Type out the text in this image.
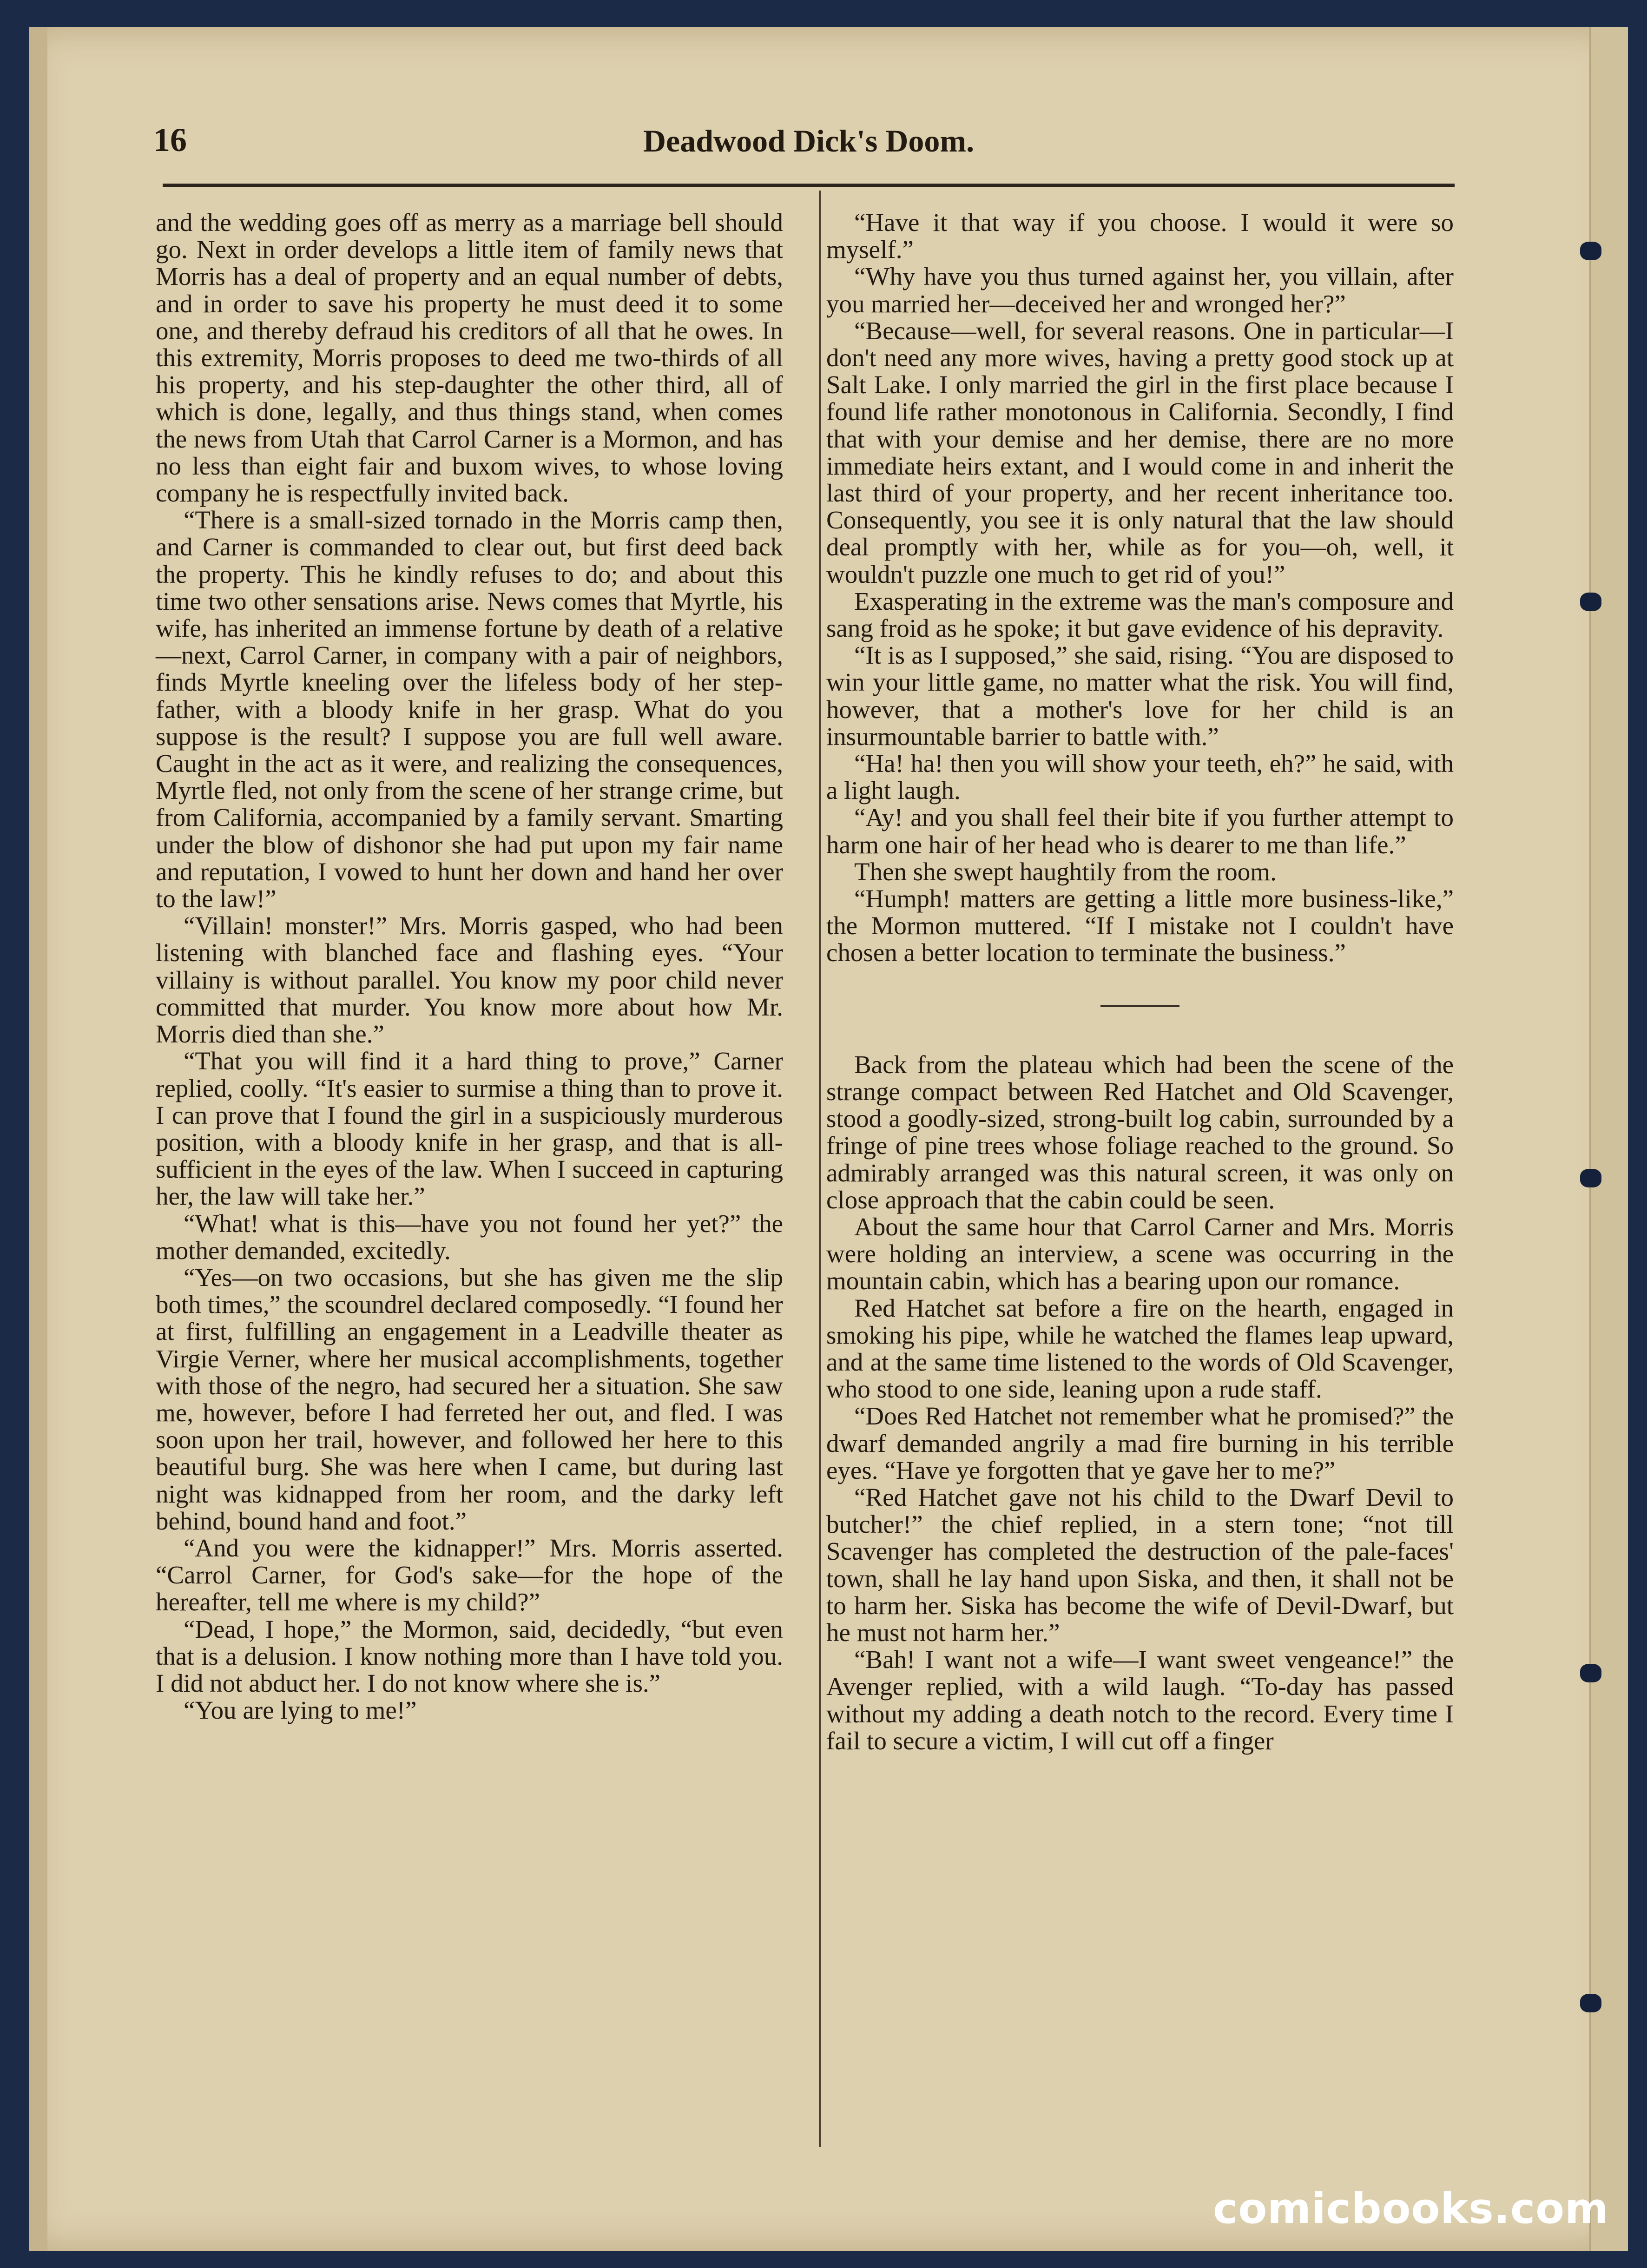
16	Deadwood Dick's Doom.

and the wedding goes off as merry as a marriage bell should go. Next in order develops a little item of family news that Morris has a deal of property and an equal number of debts, and in order to save his property he must deed it to some one, and thereby defraud his creditors of all that he owes. In this extremity, Morris proposes to deed me two-thirds of all his property, and his step-daughter the other third, all of which is done, legally, and thus things stand, when comes the news from Utah that Carrol Carner is a Mormon, and has no less than eight fair and buxom wives, to whose loving company he is respectfully invited back.

“There is a small-sized tornado in the Morris camp then, and Carner is commanded to clear out, but first deed back the property. This he kindly refuses to do; and about this time two other sensations arise. News comes that Myrtle, his wife, has inherited an immense fortune by death of a relative—next, Carrol Carner, in company with a pair of neighbors, finds Myrtle kneeling over the lifeless body of her step-father, with a bloody knife in her grasp. What do you suppose is the result? I suppose you are full well aware. Caught in the act as it were, and realizing the consequences, Myrtle fled, not only from the scene of her strange crime, but from California, accompanied by a family servant. Smarting under the blow of dishonor she had put upon my fair name and reputation, I vowed to hunt her down and hand her over to the law!”

“Villain! monster!” Mrs. Morris gasped, who had been listening with blanched face and flashing eyes. “Your villainy is without parallel. You know my poor child never committed that murder. You know more about how Mr. Morris died than she.”

“That you will find it a hard thing to prove,” Carner replied, coolly. “It's easier to surmise a thing than to prove it. I can prove that I found the girl in a suspiciously murderous position, with a bloody knife in her grasp, and that is all-sufficient in the eyes of the law. When I succeed in capturing her, the law will take her.”

“What! what is this—have you not found her yet?” the mother demanded, excitedly.

“Yes—on two occasions, but she has given me the slip both times,” the scoundrel declared composedly. “I found her at first, fulfilling an engagement in a Leadville theater as Virgie Verner, where her musical accomplishments, together with those of the negro, had secured her a situation. She saw me, however, before I had ferreted her out, and fled. I was soon upon her trail, however, and followed her here to this beautiful burg. She was here when I came, but during last night was kidnapped from her room, and the darky left behind, bound hand and foot.”

“And you were the kidnapper!” Mrs. Morris asserted. “Carrol Carner, for God's sake—for the hope of the hereafter, tell me where is my child?”

“Dead, I hope,” the Mormon, said, decidedly, “but even that is a delusion. I know nothing more than I have told you. I did not abduct her. I do not know where she is.”

“You are lying to me!”

“Have it that way if you choose. I would it were so myself.”

“Why have you thus turned against her, you villain, after you married her—deceived her and wronged her?”

“Because—well, for several reasons. One in particular—I don't need any more wives, having a pretty good stock up at Salt Lake. I only married the girl in the first place because I found life rather monotonous in California. Secondly, I find that with your demise and her demise, there are no more immediate heirs extant, and I would come in and inherit the last third of your property, and her recent inheritance too. Consequently, you see it is only natural that the law should deal promptly with her, while as for you—oh, well, it wouldn't puzzle one much to get rid of you!”

Exasperating in the extreme was the man's composure and sang froid as he spoke; it but gave evidence of his depravity.

“It is as I supposed,” she said, rising. “You are disposed to win your little game, no matter what the risk. You will find, however, that a mother's love for her child is an insurmountable barrier to battle with.”

“Ha! ha! then you will show your teeth, eh?” he said, with a light laugh.

“Ay! and you shall feel their bite if you further attempt to harm one hair of her head who is dearer to me than life.”

Then she swept haughtily from the room.

“Humph! matters are getting a little more business-like,” the Mormon muttered. “If I mistake not I couldn't have chosen a better location to terminate the business.”

Back from the plateau which had been the scene of the strange compact between Red Hatchet and Old Scavenger, stood a goodly-sized, strong-built log cabin, surrounded by a fringe of pine trees whose foliage reached to the ground. So admirably arranged was this natural screen, it was only on close approach that the cabin could be seen.

About the same hour that Carrol Carner and Mrs. Morris were holding an interview, a scene was occurring in the mountain cabin, which has a bearing upon our romance.

Red Hatchet sat before a fire on the hearth, engaged in smoking his pipe, while he watched the flames leap upward, and at the same time listened to the words of Old Scavenger, who stood to one side, leaning upon a rude staff.

“Does Red Hatchet not remember what he promised?” the dwarf demanded angrily a mad fire burning in his terrible eyes. “Have ye forgotten that ye gave her to me?”

“Red Hatchet gave not his child to the Dwarf Devil to butcher!” the chief replied, in a stern tone; “not till Scavenger has completed the destruction of the pale-faces' town, shall he lay hand upon Siska, and then, it shall not be to harm her. Siska has become the wife of Devil-Dwarf, but he must not harm her.”

“Bah! I want not a wife—I want sweet vengeance!” the Avenger replied, with a wild laugh. “To-day has passed without my adding a death notch to the record. Every time I fail to secure a victim, I will cut off a finger

comicbooks.com
